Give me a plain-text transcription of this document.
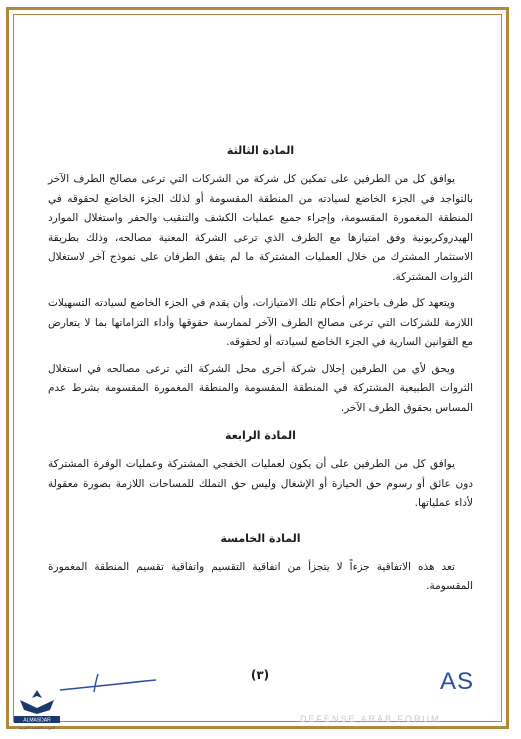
المادة الثالثة

يوافق كل من الطرفين على تمكين كل شركة من الشركات التي ترعى مصالح الطرف الآخر بالتواجد في الجزء الخاضع لسيادته من المنطقة المقسومة أو لذلك الجزء الخاضع لحقوقه في المنطقة المغمورة المقسومة، وإجراء جميع عمليات الكشف والتنقيب والحفر واستغلال الموارد الهيدروكربونية وفق امتيازها مع الطرف الذي ترعى الشركة المعنية مصالحه، وذلك بطريقة الاستثمار المشترك من خلال العمليات المشتركة ما لم يتفق الطرفان على نموذج آخر لاستغلال الثروات المشتركة.

ويتعهد كل طرف باحترام أحكام تلك الامتيازات، وأن يقدم في الجزء الخاضع لسيادته التسهيلات اللازمة للشركات التي ترعى مصالح الطرف الآخر لممارسة حقوقها وأداء التزاماتها بما لا يتعارض مع القوانين السارية في الجزء الخاضع لسيادته أو لحقوقه.

ويحق لأي من الطرفين إحلال شركة أخرى محل الشركة التي ترعى مصالحه في استغلال الثروات الطبيعية المشتركة في المنطقة المقسومة والمنطقة المغمورة المقسومة بشرط عدم المساس بحقوق الطرف الآخر.

المادة الرابعة

يوافق كل من الطرفين على أن يكون لعمليات الخفجي المشتركة وعمليات الوفرة المشتركة دون عائق أو رسوم حق الحيازة أو الإشغال وليس حق التملك للمساحات اللازمة بصورة معقولة لأداء عملياتها.

المادة الخامسة

تعد هذه الاتفاقية جزءاً لا يتجزأ من اتفاقية التقسيم واتفاقية تقسيم المنطقة المغمورة المقسومة.

(٣)	AS
ALMASDAR
القوات الخاصة العربية
DEFENSE ARAB FORUM
